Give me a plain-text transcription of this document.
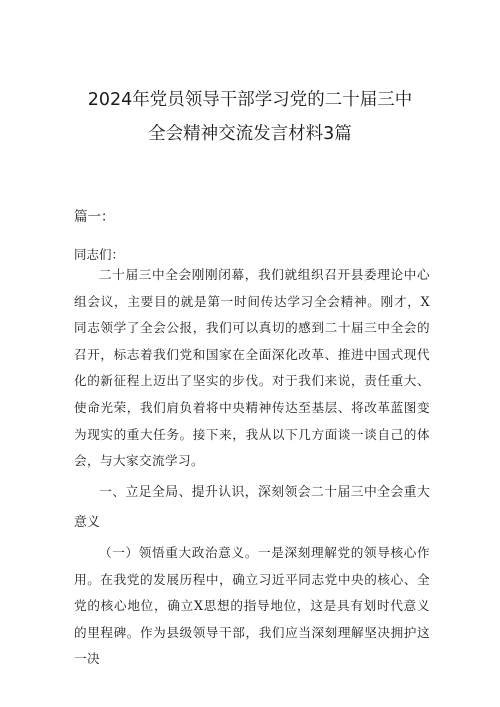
2024年党员领导干部学习党的二十届三中
全会精神交流发言材料3篇
篇一：
同志们：
二十届三中全会刚刚闭幕，我们就组织召开县委理论中心组会议，主要目的就是第一时间传达学习全会精神。刚才，X同志领学了全会公报，我们可以真切的感到二十届三中全会的召开，标志着我们党和国家在全面深化改革、推进中国式现代化的新征程上迈出了坚实的步伐。对于我们来说，责任重大、使命光荣，我们肩负着将中央精神传达至基层、将改革蓝图变为现实的重大任务。接下来，我从以下几方面谈一谈自己的体会，与大家交流学习。
一、立足全局、提升认识，深刻领会二十届三中全会重大意义
（一）领悟重大政治意义。一是深刻理解党的领导核心作用。在我党的发展历程中，确立习近平同志党中央的核心、全党的核心地位，确立X思想的指导地位，这是具有划时代意义的里程碑。作为县级领导干部，我们应当深刻理解坚决拥护这一决
